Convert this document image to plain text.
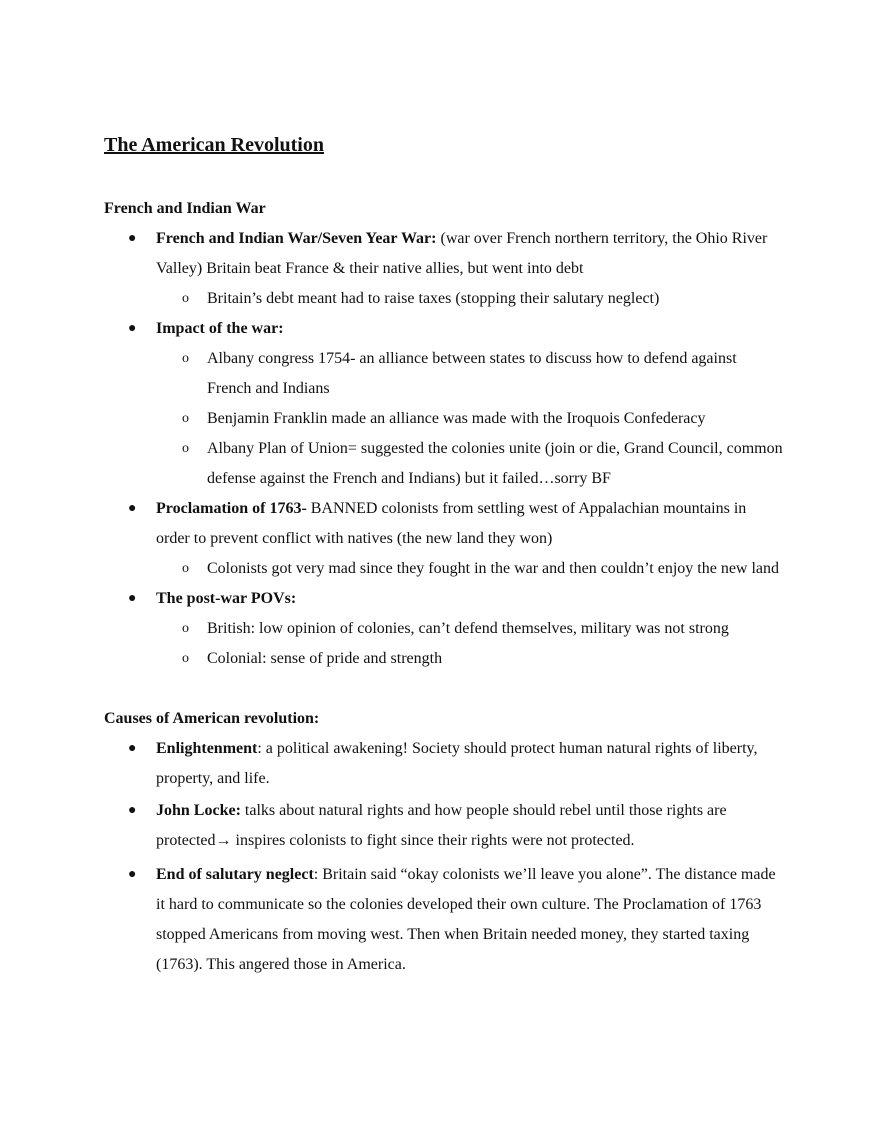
The American Revolution

French and Indian War

●	French and Indian War/Seven Year War: (war over French northern territory, the Ohio River Valley) Britain beat France & their native allies, but went into debt
o	Britain’s debt meant had to raise taxes (stopping their salutary neglect)
●	Impact of the war:
o	Albany congress 1754- an alliance between states to discuss how to defend against French and Indians
o	Benjamin Franklin made an alliance was made with the Iroquois Confederacy
o	Albany Plan of Union= suggested the colonies unite (join or die, Grand Council, common defense against the French and Indians) but it failed…sorry BF
●	Proclamation of 1763- BANNED colonists from settling west of Appalachian mountains in order to prevent conflict with natives (the new land they won)
o	Colonists got very mad since they fought in the war and then couldn’t enjoy the new land
●	The post-war POVs:
o	British: low opinion of colonies, can’t defend themselves, military was not strong
o	Colonial: sense of pride and strength

Causes of American revolution:

●	Enlightenment: a political awakening! Society should protect human natural rights of liberty, property, and life.
●	John Locke: talks about natural rights and how people should rebel until those rights are protected→ inspires colonists to fight since their rights were not protected.
●	End of salutary neglect: Britain said “okay colonists we’ll leave you alone”. The distance made it hard to communicate so the colonies developed their own culture. The Proclamation of 1763 stopped Americans from moving west. Then when Britain needed money, they started taxing (1763). This angered those in America.
